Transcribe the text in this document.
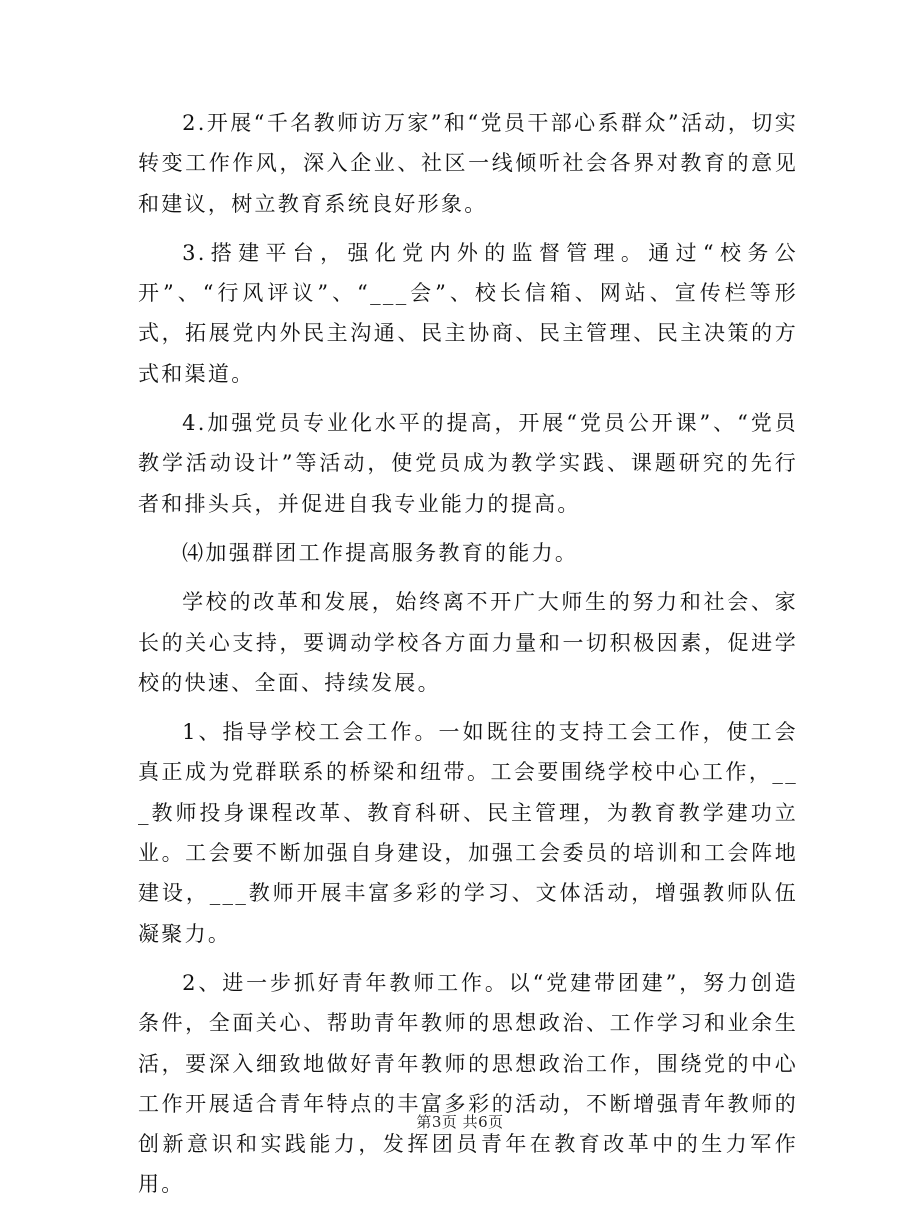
2.开展“千名教师访万家”和“党员干部心系群众”活动，切实转变工作作风，深入企业、社区一线倾听社会各界对教育的意见和建议，树立教育系统良好形象。

3.搭建平台，强化党内外的监督管理。通过“校务公开”、“行风评议”、“___会”、校长信箱、网站、宣传栏等形式，拓展党内外民主沟通、民主协商、民主管理、民主决策的方式和渠道。

4.加强党员专业化水平的提高，开展“党员公开课”、“党员教学活动设计”等活动，使党员成为教学实践、课题研究的先行者和排头兵，并促进自我专业能力的提高。

⑷加强群团工作提高服务教育的能力。

学校的改革和发展，始终离不开广大师生的努力和社会、家长的关心支持，要调动学校各方面力量和一切积极因素，促进学校的快速、全面、持续发展。

1、指导学校工会工作。一如既往的支持工会工作，使工会真正成为党群联系的桥梁和纽带。工会要围绕学校中心工作，___教师投身课程改革、教育科研、民主管理，为教育教学建功立业。工会要不断加强自身建设，加强工会委员的培训和工会阵地建设，___教师开展丰富多彩的学习、文体活动，增强教师队伍凝聚力。

2、进一步抓好青年教师工作。以“党建带团建”，努力创造条件，全面关心、帮助青年教师的思想政治、工作学习和业余生活，要深入细致地做好青年教师的思想政治工作，围绕党的中心工作开展适合青年特点的丰富多彩的活动，不断增强青年教师的创新意识和实践能力，发挥团员青年在教育改革中的生力军作用。

第3页 共6页
